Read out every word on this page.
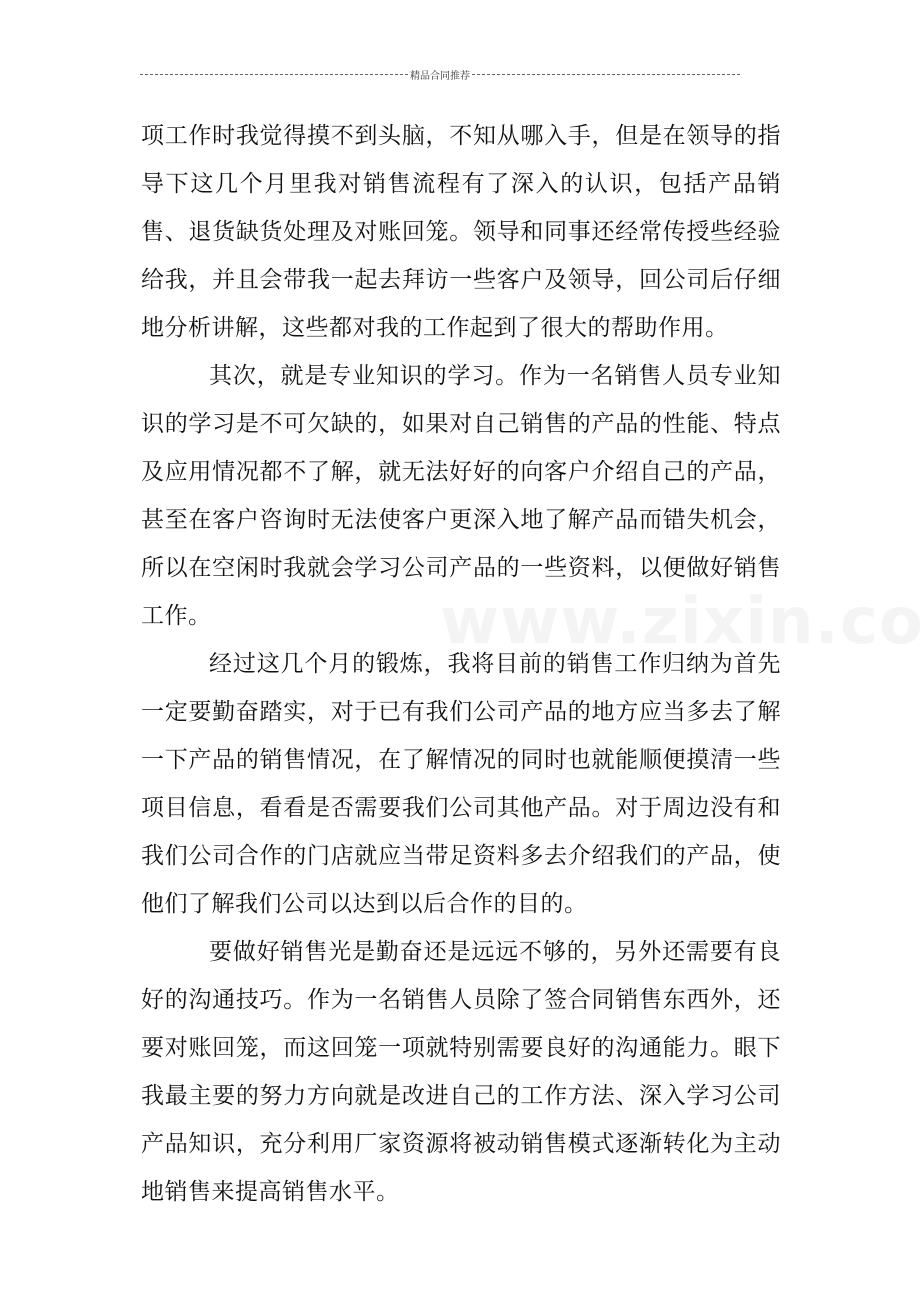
精品合同推荐

项工作时我觉得摸不到头脑，不知从哪入手，但是在领导的指导下这几个月里我对销售流程有了深入的认识，包括产品销售、退货缺货处理及对账回笼。领导和同事还经常传授些经验给我，并且会带我一起去拜访一些客户及领导，回公司后仔细地分析讲解，这些都对我的工作起到了很大的帮助作用。

其次，就是专业知识的学习。作为一名销售人员专业知识的学习是不可欠缺的，如果对自己销售的产品的性能、特点及应用情况都不了解，就无法好好的向客户介绍自己的产品，甚至在客户咨询时无法使客户更深入地了解产品而错失机会，所以在空闲时我就会学习公司产品的一些资料，以便做好销售工作。

经过这几个月的锻炼，我将目前的销售工作归纳为首先一定要勤奋踏实，对于已有我们公司产品的地方应当多去了解一下产品的销售情况，在了解情况的同时也就能顺便摸清一些项目信息，看看是否需要我们公司其他产品。对于周边没有和我们公司合作的门店就应当带足资料多去介绍我们的产品，使他们了解我们公司以达到以后合作的目的。

要做好销售光是勤奋还是远远不够的，另外还需要有良好的沟通技巧。作为一名销售人员除了签合同销售东西外，还要对账回笼，而这回笼一项就特别需要良好的沟通能力。眼下我最主要的努力方向就是改进自己的工作方法、深入学习公司产品知识，充分利用厂家资源将被动销售模式逐渐转化为主动地销售来提高销售水平。
